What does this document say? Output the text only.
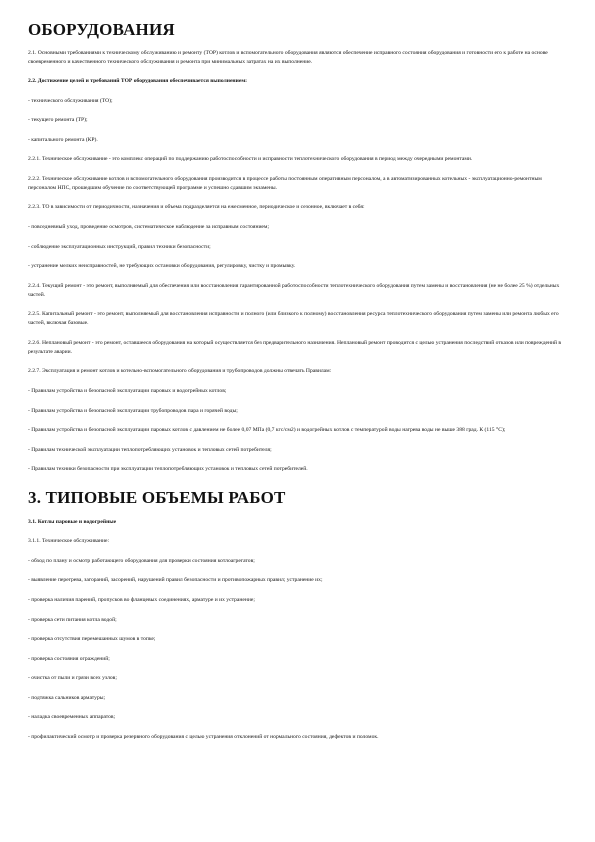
ОБОРУДОВАНИЯ

2.1. Основными требованиями к техническому обслуживанию и ремонту (ТОР) котлов и вспомогательного оборудования являются обеспечение исправного состояния оборудования и готовности его к работе на основе своевременного и качественного технического обслуживания и ремонта при минимальных затратах на их выполнение.

2.2. Достижение целей и требований ТОР оборудования обеспечивается выполнением:

- технического обслуживания (ТО);

- текущего ремонта (ТР);

- капитального ремонта (КР).

2.2.1. Техническое обслуживание - это комплекс операций по поддержанию работоспособности и исправности теплотехнического оборудования в период между очередными ремонтами.

2.2.2. Техническое обслуживание котлов и вспомогательного оборудования производится в процессе работы постоянным оперативным персоналом, а в автоматизированных котельных - эксплуатационно-ремонтным персоналом НПС, прошедшим обучение по соответствующей программе и успешно сдавшим экзамены.

2.2.3. ТО в зависимости от периодичности, назначения и объема подразделяется на ежесменное, периодическое и сезонное, включает в себя:

- повседневный уход, проведение осмотров, систематическое наблюдение за исправным состоянием;

- соблюдение эксплуатационных инструкций, правил техники безопасности;

- устранение мелких неисправностей, не требующих остановки оборудования, регулировку, чистку и промывку.

2.2.4. Текущий ремонт - это ремонт, выполняемый для обеспечения или восстановления гарантированной работоспособности теплотехнического оборудования путем замены и восстановления (не не более 25 %) отдельных частей.

2.2.5. Капитальный ремонт - это ремонт, выполняемый для восстановления исправности и полного (или близкого к полному) восстановления ресурса теплотехнического оборудования путем замены или ремонта любых его частей, включая базовые.

2.2.6. Неплановый ремонт - это ремонт, оставшееся оборудования на который осуществляется без предварительного назначения. Неплановый ремонт проводится с целью устранения последствий отказов или повреждений в результате аварии.

2.2.7. Эксплуатация и ремонт котлов и котельно-вспомогательного оборудования и трубопроводов должны отвечать Правилам:

- Правилам устройства и безопасной эксплуатации паровых и водогрейных котлов;

- Правилам устройства и безопасной эксплуатации трубопроводов пара и горячей воды;

- Правилам устройства и безопасной эксплуатации паровых котлов с давлением не более 0,07 МПа (0,7 кгс/см2) и водогрейных котлов с температурой воды нагрева воды не выше 388 град. К (115 °С);

- Правилам технической эксплуатации теплопотребляющих установок и тепловых сетей потребителя;

- Правилам техники безопасности при эксплуатации теплопотребляющих установок и тепловых сетей потребителей.

3. ТИПОВЫЕ ОБЪЕМЫ РАБОТ

3.1. Котлы паровые и водогрейные

3.1.1. Техническое обслуживание:

- обход по плану и осмотр работающего оборудования для проверки состояния котлоагрегатов;

- выявление перегрева, загораний, засорений, нарушений правил безопасности и противопожарных правил; устранение их;

- проверка наличия парений, пропусков во фланцевых соединениях, арматуре и их устранение;

- проверка сети питания котла водой;

- проверка отсутствия перемешанных шумов в топке;

- проверка состояния ограждений;

- очистка от пыли и грязи всех узлов;

- подтяжка сальников арматуры;

- наладка своевременных аппаратов;

- профилактический осмотр и проверка резервного оборудования с целью устранения отклонений от нормального состояния, дефектов и поломок.
